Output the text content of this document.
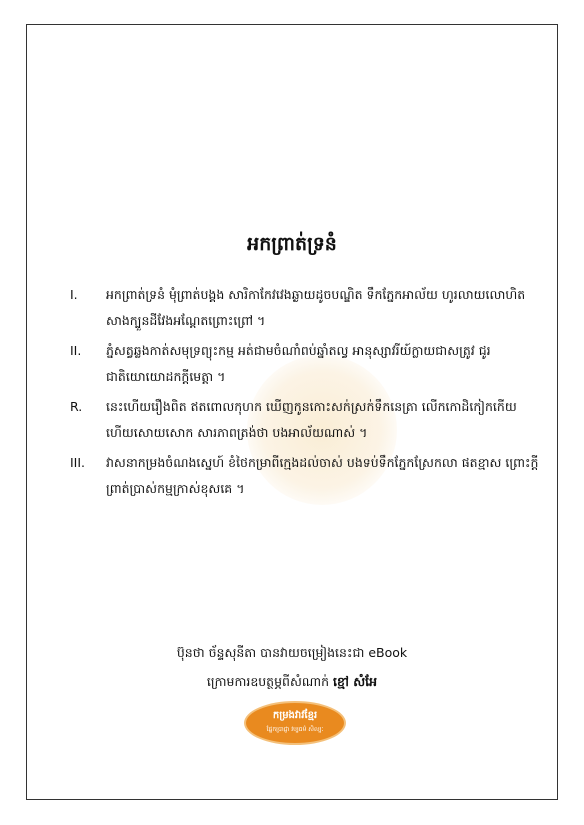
អកព្រាត់ទ្រនំ
I.	អកព្រាត់ទ្រនំ មុំព្រាត់បង្គង សារិកាកែវវេងឆ្ងាយដូចបណ្ឌិត ទឹកភ្នែកអាល័យ ហូរលាយលោហិត សាងក្បួនដីវែងអណ្ដែតព្រោះព្រៅ ។
II.	ភ្នំសត្វឆ្លងកាត់សមុទ្រព្យុះកម្ម អត់ជាមចំណាំពប់ឆ្នាំតល្វ អានុស្សាវរីយ៍ក្លាយជាសត្រូវ ជូរជាតិយោយោដកក្ដីមេត្តា ។
R.	នេះហើយរឿងពិត ឥតពោលកុហក ឃើញកូនកោះសក់ស្រក់ទឹកនេត្រា លើកកោដិកៀកកើយហើយសោយសោក សារភាពត្រង់ថា បងអាល័យណាស់ ។
III.	វាសនាកម្រងចំណងស្នេហ៍ ខំថៃកម្រាពីក្មេងដល់ចាស់ បងទប់ទឹកភ្នែកស្រែកលា ផតខ្មាស ព្រោះក្ដីព្រាត់ប្រាស់កម្មក្រាស់ខុសគេ ។
ប៊ុនថា ច័ន្ទសុនីតា បានវាយចម្រៀងនេះជា eBook
ក្រោមការឧបត្ថម្ភពីសំណាក់ ខ្មៅ សំអែ
កម្រងវាវខ្មែរ
ផ្នែកប្រាជ្ញា វប្បធម៌ សិល្បៈ
